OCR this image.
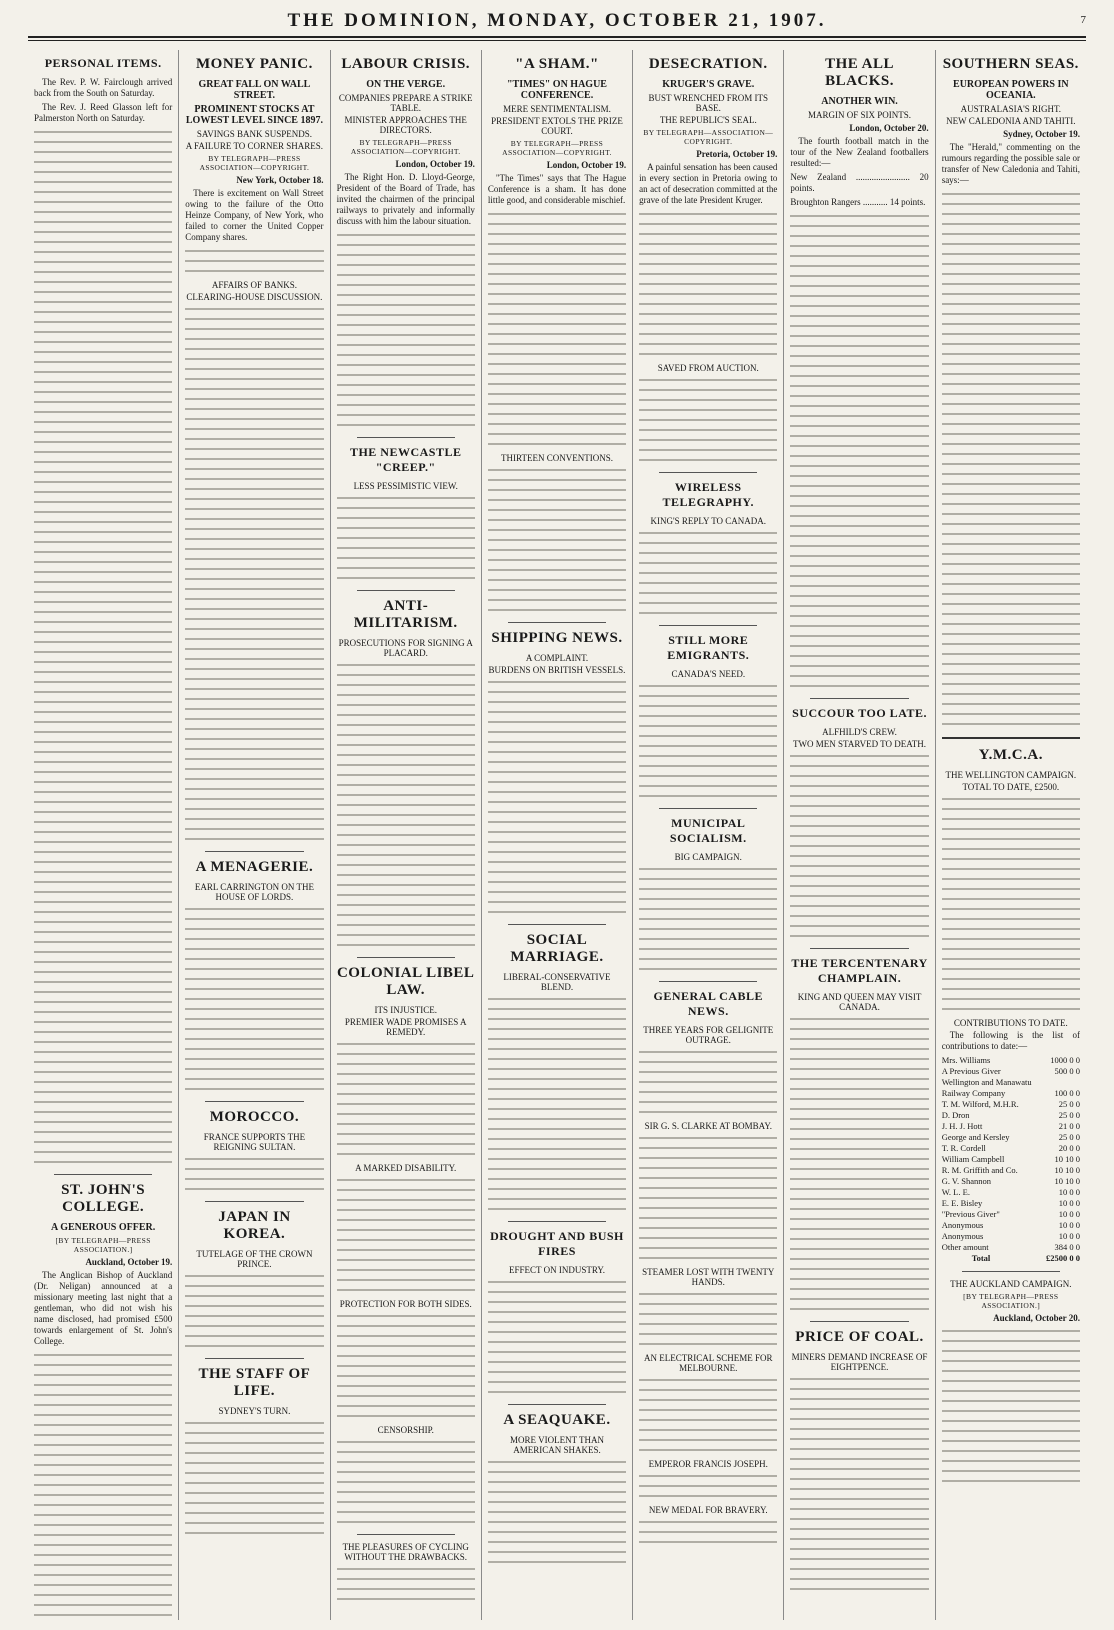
THE DOMINION, MONDAY, OCTOBER 21, 1907.	7
PERSONAL ITEMS.
The Rev. P. W. Fairclough arrived back from the South on Saturday.
The Rev. J. Reed Glasson left for Palmerston North on Saturday.
ST. JOHN'S COLLEGE.
A GENEROUS OFFER.
[BY TELEGRAPH—PRESS ASSOCIATION.]
Auckland, October 19.
The Anglican Bishop of Auckland (Dr. Neligan) announced at a missionary meeting last night that a gentleman, who did not wish his name disclosed, had promised £500 towards enlargement of St. John's College.
MONEY PANIC.
GREAT FALL ON WALL STREET.
PROMINENT STOCKS AT LOWEST LEVEL SINCE 1897.
SAVINGS BANK SUSPENDS.
A FAILURE TO CORNER SHARES.
BY TELEGRAPH—PRESS ASSOCIATION—COPYRIGHT.
New York, October 18.
There is excitement on Wall Street owing to the failure of the Otto Heinze Company, of New York, who failed to corner the United Copper Company shares.
AFFAIRS OF BANKS.
CLEARING-HOUSE DISCUSSION.
A MENAGERIE.
EARL CARRINGTON ON THE HOUSE OF LORDS.
MOROCCO.
FRANCE SUPPORTS THE REIGNING SULTAN.
JAPAN IN KOREA.
TUTELAGE OF THE CROWN PRINCE.
THE STAFF OF LIFE.
SYDNEY'S TURN.
LABOUR CRISIS.
ON THE VERGE.
COMPANIES PREPARE A STRIKE TABLE.
MINISTER APPROACHES THE DIRECTORS.
BY TELEGRAPH—PRESS ASSOCIATION—COPYRIGHT.
London, October 19.
The Right Hon. D. Lloyd-George, President of the Board of Trade, has invited the chairmen of the principal railways to privately and informally discuss with him the labour situation.
THE NEWCASTLE "CREEP."
LESS PESSIMISTIC VIEW.
ANTI-MILITARISM.
PROSECUTIONS FOR SIGNING A PLACARD.
COLONIAL LIBEL LAW.
ITS INJUSTICE.
PREMIER WADE PROMISES A REMEDY.
A MARKED DISABILITY.
PROTECTION FOR BOTH SIDES.
CENSORSHIP.
THE PLEASURES OF CYCLING WITHOUT THE DRAWBACKS.
"A SHAM."
"TIMES" ON HAGUE CONFERENCE.
MERE SENTIMENTALISM.
PRESIDENT EXTOLS THE PRIZE COURT.
BY TELEGRAPH—PRESS ASSOCIATION—COPYRIGHT.
London, October 19.
"The Times" says that The Hague Conference is a sham. It has done little good, and considerable mischief.
THIRTEEN CONVENTIONS.
SHIPPING NEWS.
A COMPLAINT.
BURDENS ON BRITISH VESSELS.
SOCIAL MARRIAGE.
LIBERAL-CONSERVATIVE BLEND.
DROUGHT AND BUSH FIRES
EFFECT ON INDUSTRY.
A SEAQUAKE.
MORE VIOLENT THAN AMERICAN SHAKES.
DESECRATION.
KRUGER'S GRAVE.
BUST WRENCHED FROM ITS BASE.
THE REPUBLIC'S SEAL.
BY TELEGRAPH—ASSOCIATION—COPYRIGHT.
Pretoria, October 19.
A painful sensation has been caused in every section in Pretoria owing to an act of desecration committed at the grave of the late President Kruger.
SAVED FROM AUCTION.
WIRELESS TELEGRAPHY.
KING'S REPLY TO CANADA.
STILL MORE EMIGRANTS.
CANADA'S NEED.
MUNICIPAL SOCIALISM.
BIG CAMPAIGN.
GENERAL CABLE NEWS.
THREE YEARS FOR GELIGNITE OUTRAGE.
SIR G. S. CLARKE AT BOMBAY.
STEAMER LOST WITH TWENTY HANDS.
AN ELECTRICAL SCHEME FOR MELBOURNE.
EMPEROR FRANCIS JOSEPH.
NEW MEDAL FOR BRAVERY.
THE ALL BLACKS.
ANOTHER WIN.
MARGIN OF SIX POINTS.
London, October 20.
The fourth football match in the tour of the New Zealand footballers resulted:—
New Zealand ........................ 20 points.
Broughton Rangers ........... 14 points.
SUCCOUR TOO LATE.
ALFHILD'S CREW.
TWO MEN STARVED TO DEATH.
THE TERCENTENARY CHAMPLAIN.
KING AND QUEEN MAY VISIT CANADA.
PRICE OF COAL.
MINERS DEMAND INCREASE OF EIGHTPENCE.
SOUTHERN SEAS.
EUROPEAN POWERS IN OCEANIA.
AUSTRALASIA'S RIGHT.
NEW CALEDONIA AND TAHITI.
Sydney, October 19.
The "Herald," commenting on the rumours regarding the possible sale or transfer of New Caledonia and Tahiti, says:—
Y.M.C.A.
THE WELLINGTON CAMPAIGN.
TOTAL TO DATE, £2500.
CONTRIBUTIONS TO DATE.
The following is the list of contributions to date:—
Mrs. Williams	1000 0 0
A Previous Giver	500 0 0
Wellington and Manawatu	
Railway Company	100 0 0
T. M. Wilford, M.H.R.	25 0 0
D. Dron	25 0 0
J. H. J. Hott	21 0 0
George and Kersley	25 0 0
T. R. Cordell	20 0 0
William Campbell	10 10 0
R. M. Griffith and Co.	10 10 0
G. V. Shannon	10 10 0
W. L. E.	10 0 0
E. E. Bisley	10 0 0
"Previous Giver"	10 0 0
Anonymous	10 0 0
Anonymous	10 0 0
Other amount	384 0 0
Total	£2500 0 0
THE AUCKLAND CAMPAIGN.
[BY TELEGRAPH—PRESS ASSOCIATION.]
Auckland, October 20.
